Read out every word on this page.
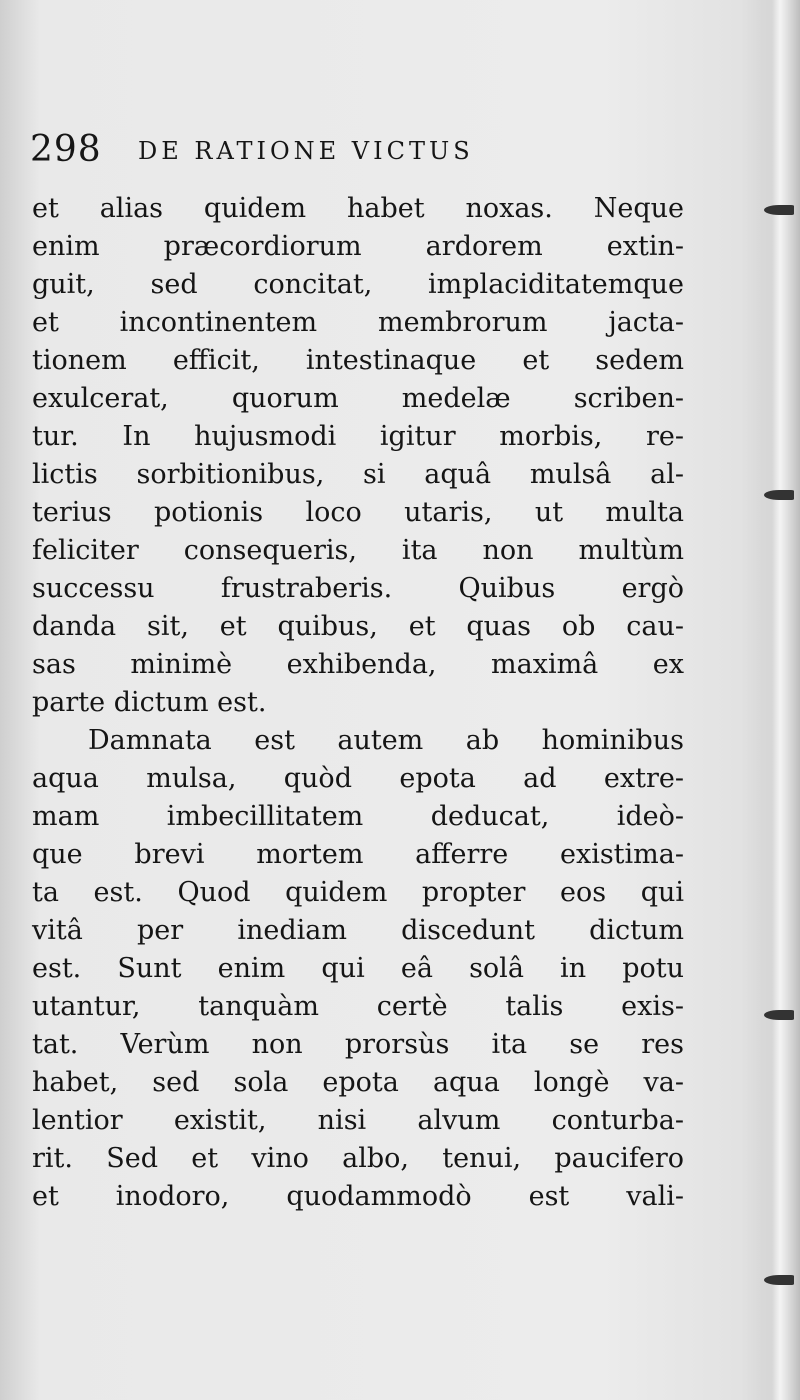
298 DE RATIONE VICTUS
et alias quidem habet noxas. Neque
enim præcordiorum ardorem extin-
guit, sed concitat, implaciditatemque
et incontinentem membrorum jacta-
tionem efficit, intestinaque et sedem
exulcerat, quorum medelæ scriben-
tur. In hujusmodi igitur morbis, re-
lictis sorbitionibus, si aquâ mulsâ al-
terius potionis loco utaris, ut multa
feliciter consequeris, ita non multùm
successu frustraberis. Quibus ergò
danda sit, et quibus, et quas ob cau-
sas minimè exhibenda, maximâ ex
parte dictum est.
Damnata est autem ab hominibus
aqua mulsa, quòd epota ad extre-
mam imbecillitatem deducat, ideò-
que brevi mortem afferre existima-
ta est. Quod quidem propter eos qui
vitâ per inediam discedunt dictum
est. Sunt enim qui eâ solâ in potu
utantur, tanquàm certè talis exis-
tat. Verùm non prorsùs ita se res
habet, sed sola epota aqua longè va-
lentior existit, nisi alvum conturba-
rit. Sed et vino albo, tenui, paucifero
et inodoro, quodammodò est vali-
